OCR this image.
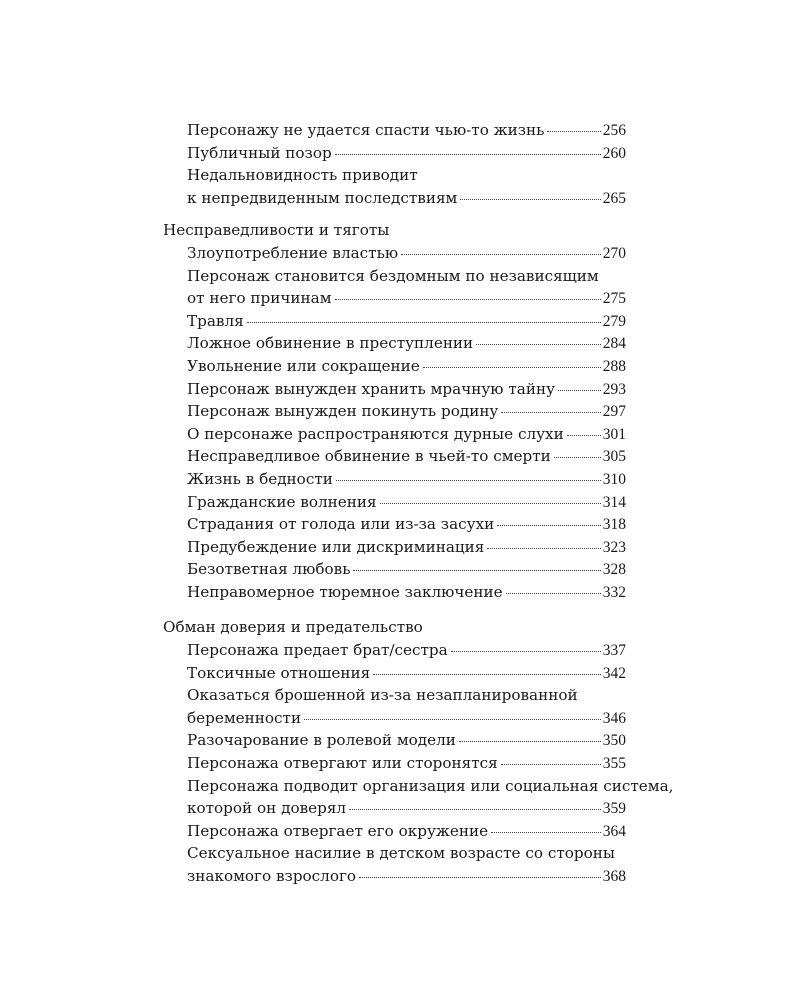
Персонажу не удается спасти чью-то жизнь	256
Публичный позор	260
Недальновидность приводит
к непредвиденным последствиям	265
Несправедливости и тяготы
Злоупотребление властью	270
Персонаж становится бездомным по независящим
от него причинам	275
Травля	279
Ложное обвинение в преступлении	284
Увольнение или сокращение	288
Персонаж вынужден хранить мрачную тайну	293
Персонаж вынужден покинуть родину	297
О персонаже распространяются дурные слухи	301
Несправедливое обвинение в чьей-то смерти	305
Жизнь в бедности	310
Гражданские волнения	314
Страдания от голода или из-за засухи	318
Предубеждение или дискриминация	323
Безответная любовь	328
Неправомерное тюремное заключение	332
Обман доверия и предательство
Персонажа предает брат/сестра	337
Токсичные отношения	342
Оказаться брошенной из-за незапланированной
беременности	346
Разочарование в ролевой модели	350
Персонажа отвергают или сторонятся	355
Персонажа подводит организация или социальная система,
которой он доверял	359
Персонажа отвергает его окружение	364
Сексуальное насилие в детском возрасте со стороны
знакомого взрослого	368
